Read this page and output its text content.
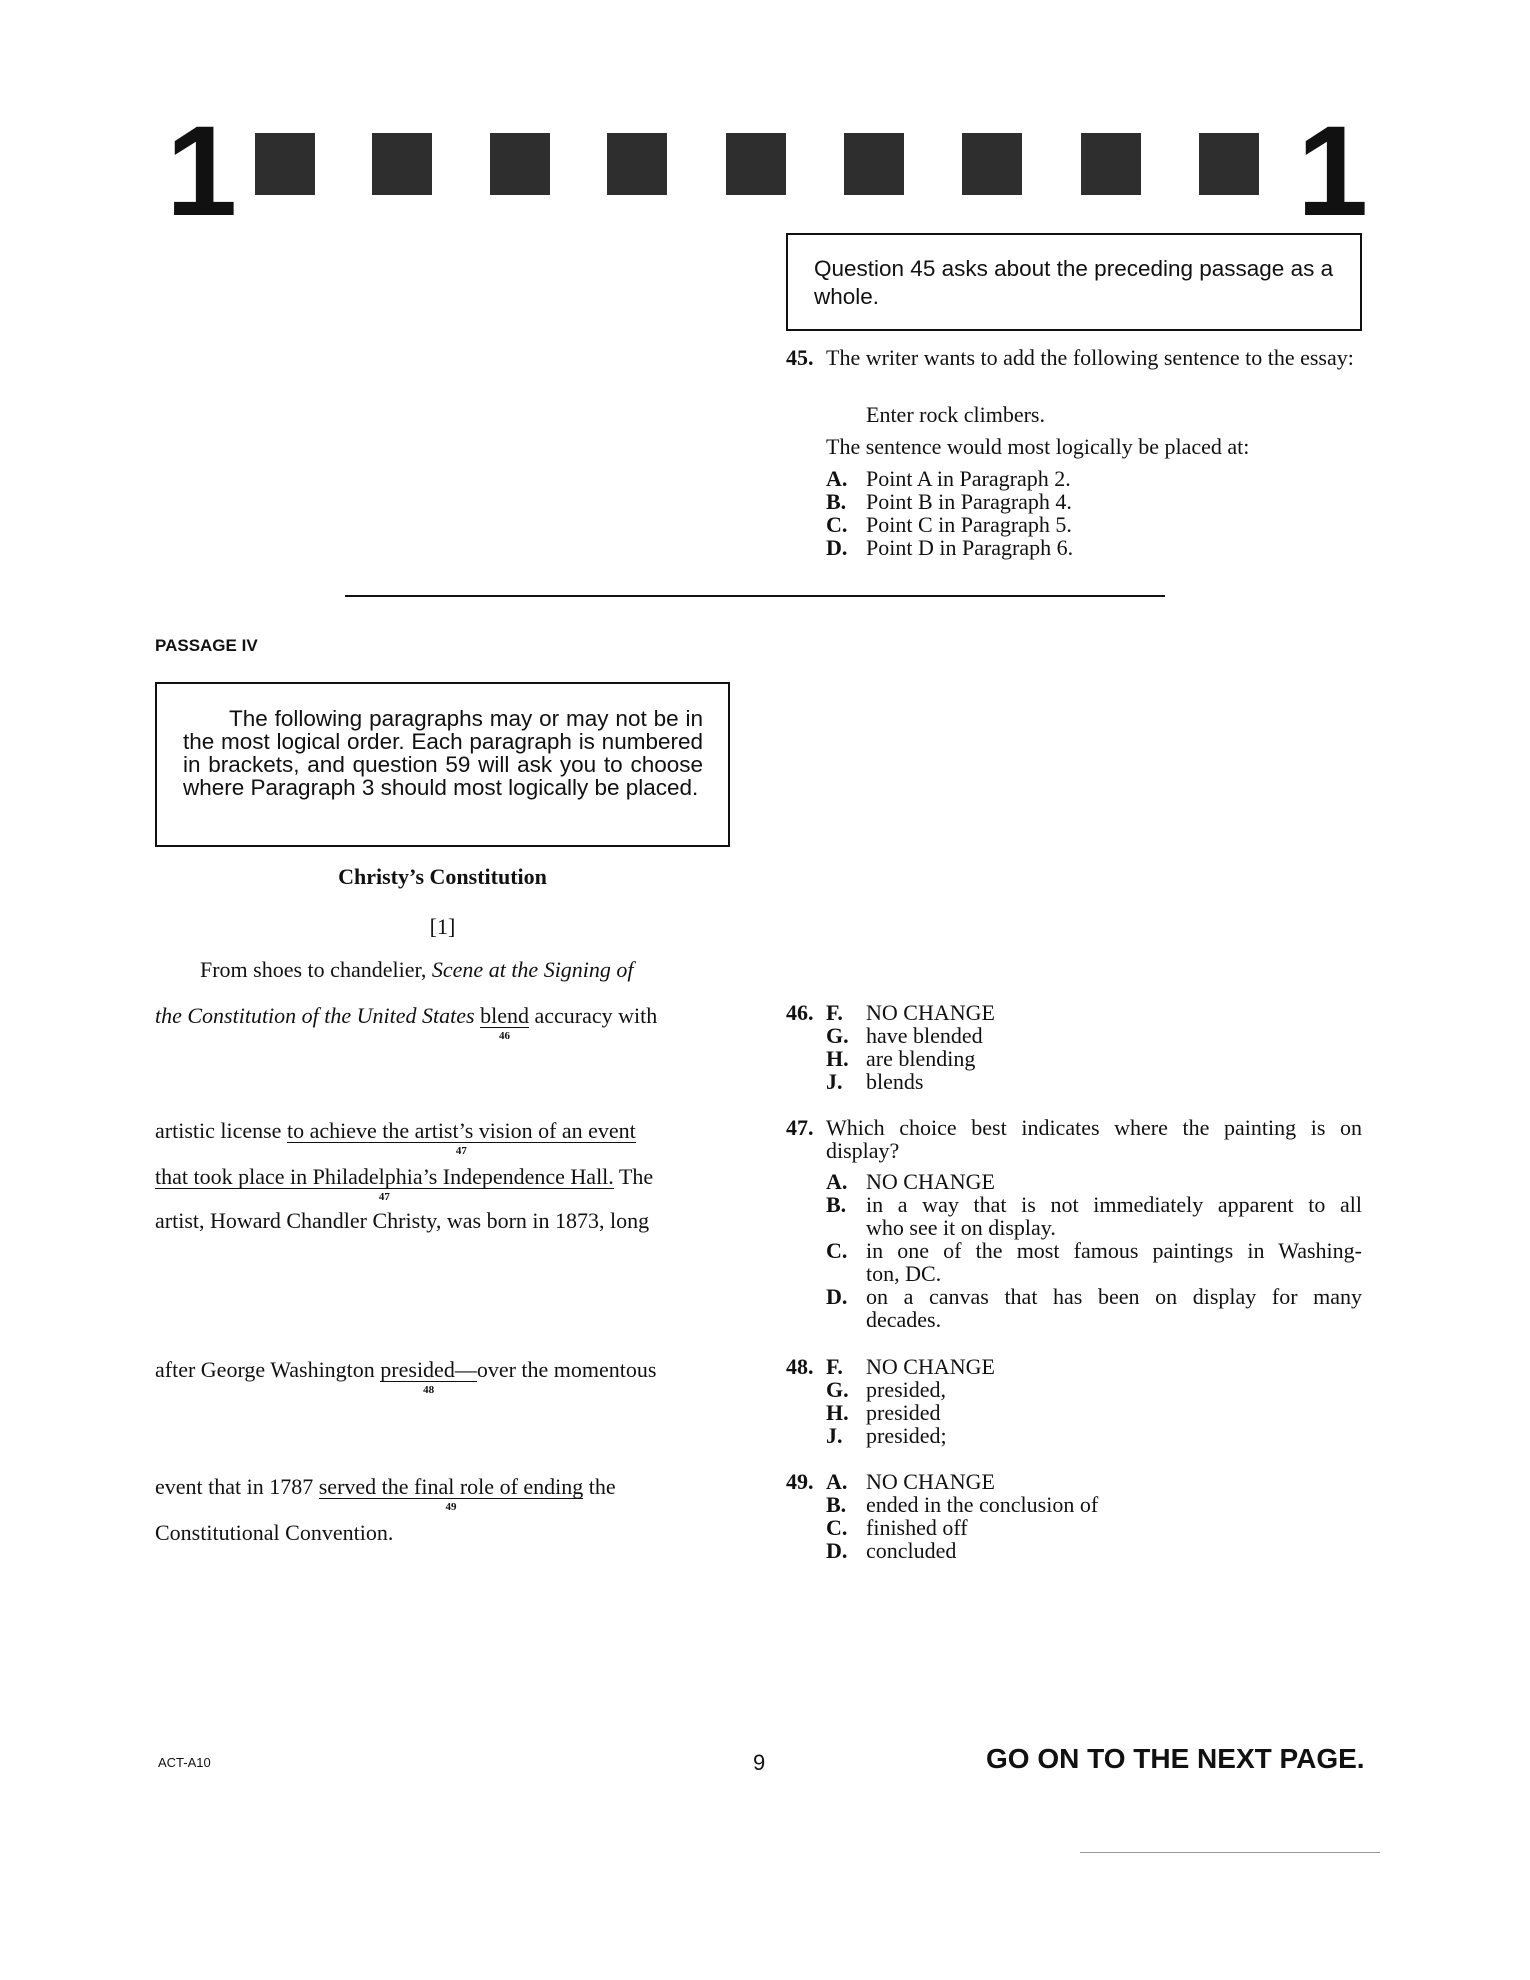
1	1
Question 45 asks about the preceding passage as a whole.
45. The writer wants to add the following sentence to the essay:
Enter rock climbers.
The sentence would most logically be placed at:
A. Point A in Paragraph 2.
B. Point B in Paragraph 4.
C. Point C in Paragraph 5.
D. Point D in Paragraph 6.
PASSAGE IV
The following paragraphs may or may not be in the most logical order. Each paragraph is numbered in brackets, and question 59 will ask you to choose where Paragraph 3 should most logically be placed.
Christy’s Constitution
[1]
From shoes to chandelier, Scene at the Signing of
the Constitution of the United States blend
46
accuracy with
artistic license to achieve the artist’s vision of an event
47
that took place in Philadelphia’s Independence Hall.
47
The
artist, Howard Chandler Christy, was born in 1873, long
after George Washington presided—
48
over the momentous
event that in 1787 served the final role of ending
49
the
Constitutional Convention.
46. F.	NO CHANGE
G. have blended
H. are blending
J.	blends
47. Which choice best indicates where the painting is on display?
A. NO CHANGE
B. in a way that is not immediately apparent to all
who see it on display.
C. in one of the most famous paintings in Washing-
ton, DC.
D. on a canvas that has been on display for many
decades.
48. F.	NO CHANGE
G. presided,
H. presided
J.	presided;
49. A. NO CHANGE
B. ended in the conclusion of
C. finished off
D. concluded
ACT-A10	9	GO ON TO THE NEXT PAGE.
